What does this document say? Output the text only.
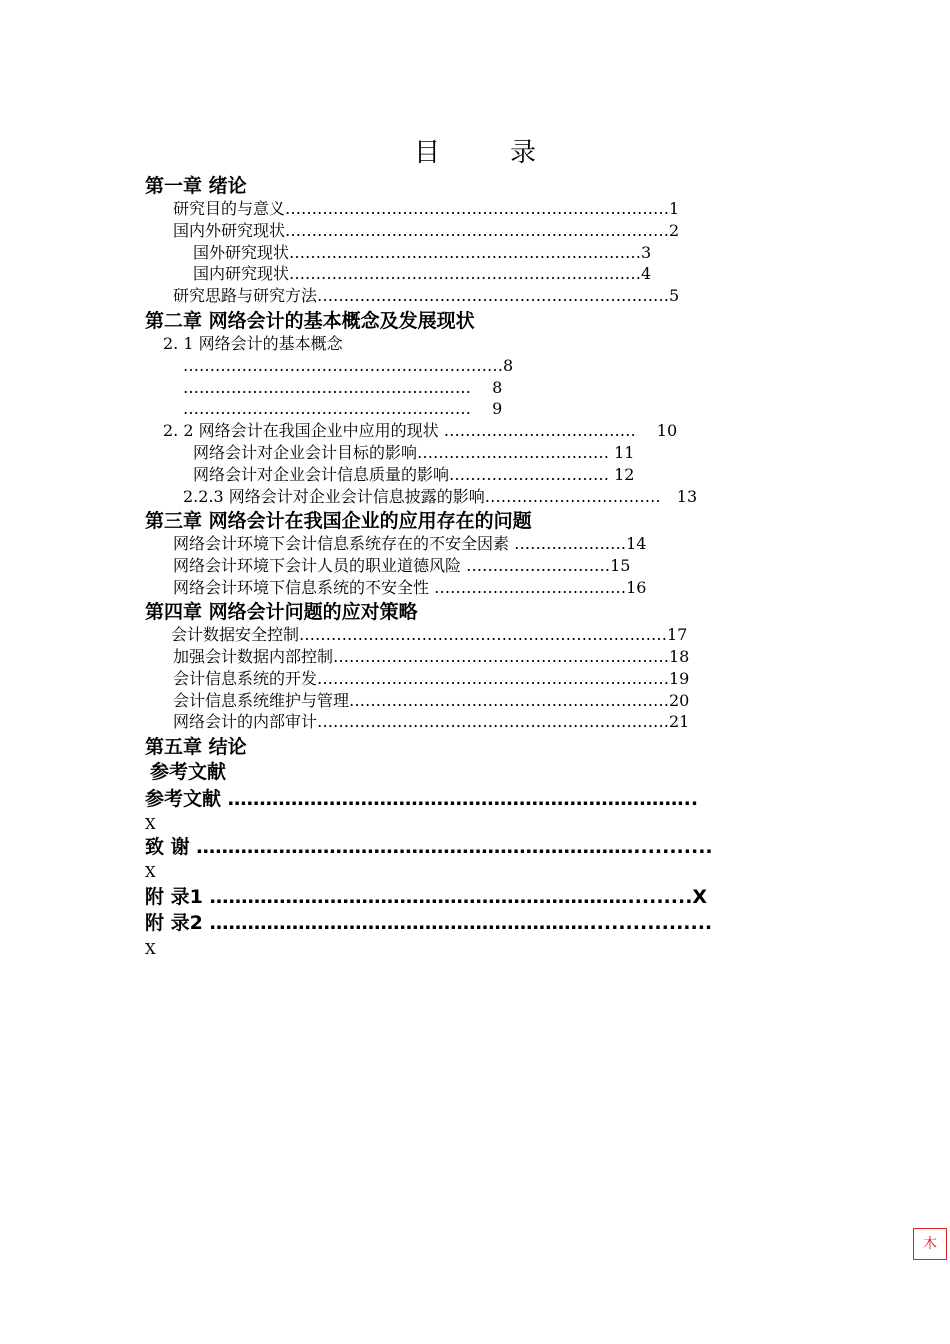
目　录
第一章 绪论
研究目的与意义………………………………………………………………1
国内外研究现状………………………………………………………………2
国外研究现状…………………………………………………………3
国内研究现状…………………………………………………………4
研究思路与研究方法…………………………………………………………5
第二章 网络会计的基本概念及发展现状
2. 1 网络会计的基本概念
……………………………………………………8
……………………………………………… 　8
……………………………………………… 　9
2. 2 网络会计在我国企业中应用的现状 ……………………………… 　10
网络会计对企业会计目标的影响……………………………… 11
网络会计对企业会计信息质量的影响………………………… 12
2.2.3 网络会计对企业会计信息披露的影响……………………………　13
第三章 网络会计在我国企业的应用存在的问题
网络会计环境下会计信息系统存在的不安全因素 …………………14
网络会计环境下会计人员的职业道德风险 ………………………15
网络会计环境下信息系统的不安全性 ………………………………16
第四章 网络会计问题的应对策略
会计数据安全控制……………………………………………………………17
加强会计数据内部控制………………………………………………………18
会计信息系统的开发…………………………………………………………19
会计信息系统维护与管理……………………………………………………20
网络会计的内部审计…………………………………………………………21
第五章 结论
参考文献
参考文献 ………………………………………………………………..
X
致 谢 ……………………………………………………………...........
X
附 录1 ………………………………………………………….........X
附 录2 …………………………………………………….................
X
木
